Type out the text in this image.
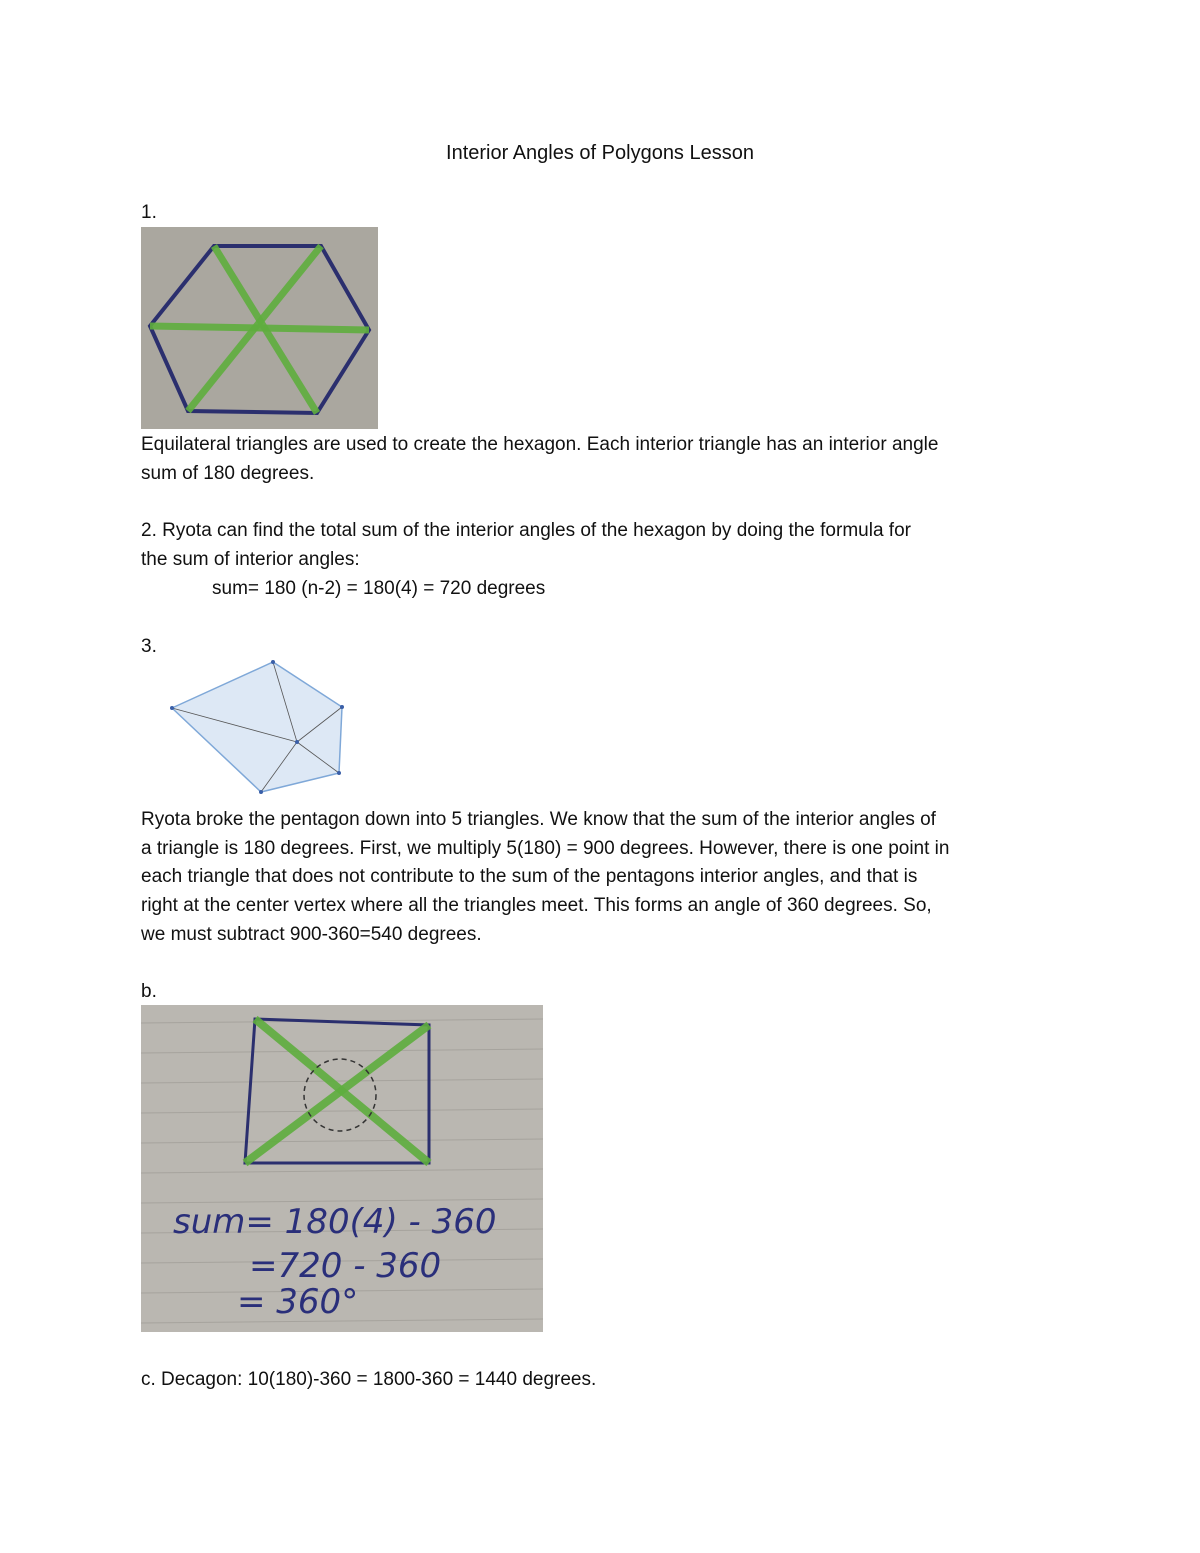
Interior Angles of Polygons Lesson

1.

Equilateral triangles are used to create the hexagon. Each interior triangle has an interior angle

sum of 180 degrees.

2. Ryota can find the total sum of the interior angles of the hexagon by doing the formula for

the sum of interior angles:

sum= 180 (n-2) = 180(4) = 720 degrees

3.

Ryota broke the pentagon down into 5 triangles. We know that the sum of the interior angles of

a triangle is 180 degrees. First, we multiply 5(180) = 900 degrees. However, there is one point in

each triangle that does not contribute to the sum of the pentagons interior angles, and that is

right at the center vertex where all the triangles meet. This forms an angle of 360 degrees. So,

we must subtract 900-360=540 degrees.

b.

sum= 180(4) - 360
=720 - 360
= 360°

c. Decagon: 10(180)-360 = 1800-360 = 1440 degrees.
